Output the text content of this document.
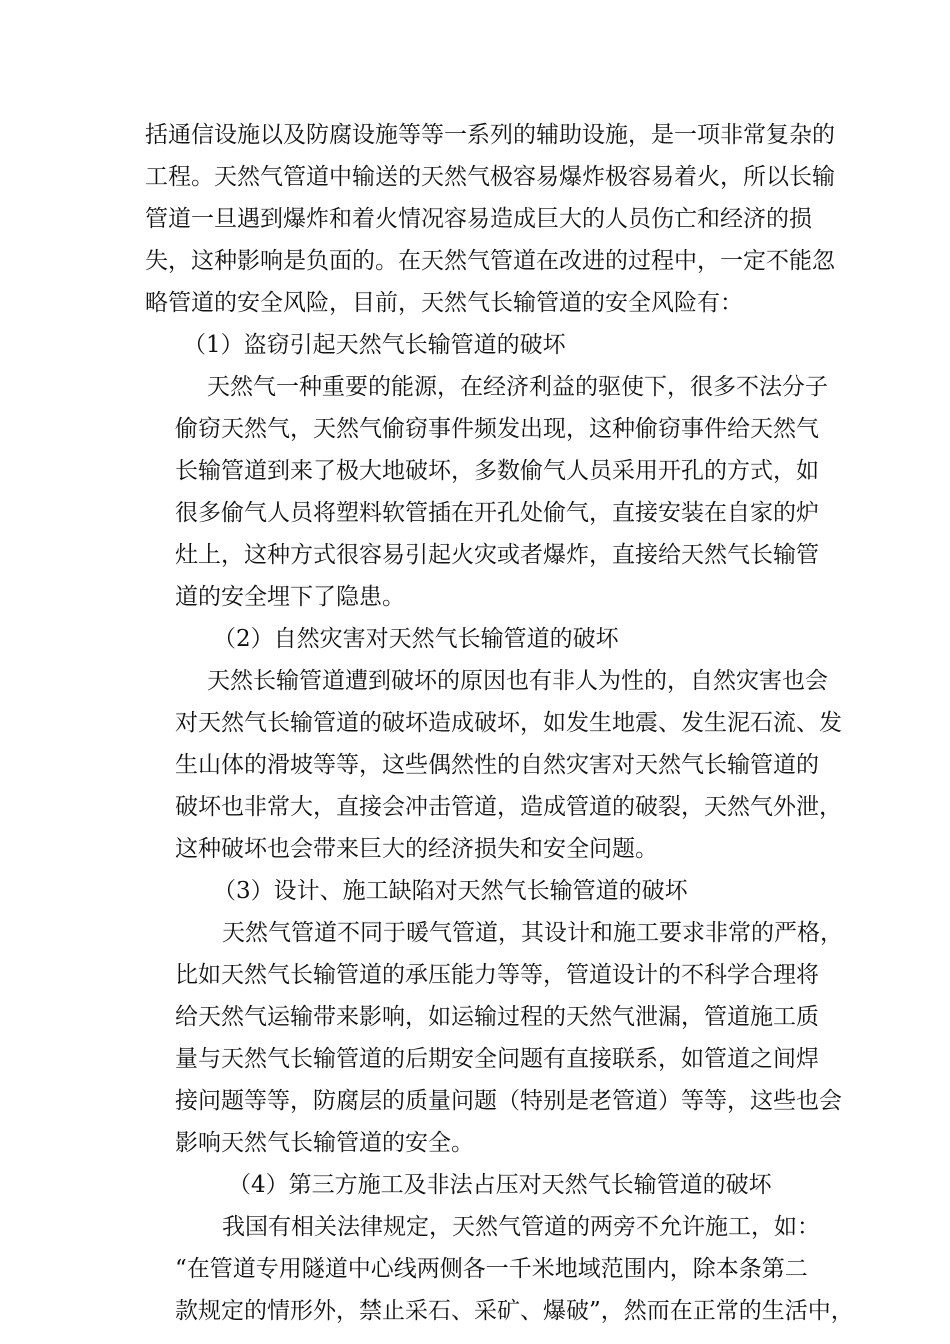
括通信设施以及防腐设施等等一系列的辅助设施，是一项非常复杂的
工程。天然气管道中输送的天然气极容易爆炸极容易着火，所以长输
管道一旦遇到爆炸和着火情况容易造成巨大的人员伤亡和经济的损
失，这种影响是负面的。在天然气管道在改进的过程中，一定不能忽
略管道的安全风险，目前，天然气长输管道的安全风险有：
（1）盗窃引起天然气长输管道的破坏
天然气一种重要的能源，在经济利益的驱使下，很多不法分子
偷窃天然气，天然气偷窃事件频发出现，这种偷窃事件给天然气
长输管道到来了极大地破坏，多数偷气人员采用开孔的方式，如
很多偷气人员将塑料软管插在开孔处偷气，直接安装在自家的炉
灶上，这种方式很容易引起火灾或者爆炸，直接给天然气长输管
道的安全埋下了隐患。
（2）自然灾害对天然气长输管道的破坏
天然长输管道遭到破坏的原因也有非人为性的，自然灾害也会
对天然气长输管道的破坏造成破坏，如发生地震、发生泥石流、发
生山体的滑坡等等，这些偶然性的自然灾害对天然气长输管道的
破坏也非常大，直接会冲击管道，造成管道的破裂，天然气外泄，
这种破坏也会带来巨大的经济损失和安全问题。
（3）设计、施工缺陷对天然气长输管道的破坏
天然气管道不同于暖气管道，其设计和施工要求非常的严格，
比如天然气长输管道的承压能力等等，管道设计的不科学合理将
给天然气运输带来影响，如运输过程的天然气泄漏，管道施工质
量与天然气长输管道的后期安全问题有直接联系，如管道之间焊
接问题等等，防腐层的质量问题（特别是老管道）等等，这些也会
影响天然气长输管道的安全。
（4）第三方施工及非法占压对天然气长输管道的破坏
我国有相关法律规定，天然气管道的两旁不允许施工，如：
“在管道专用隧道中心线两侧各一千米地域范围内，除本条第二
款规定的情形外，禁止采石、采矿、爆破”，然而在正常的生活中，
